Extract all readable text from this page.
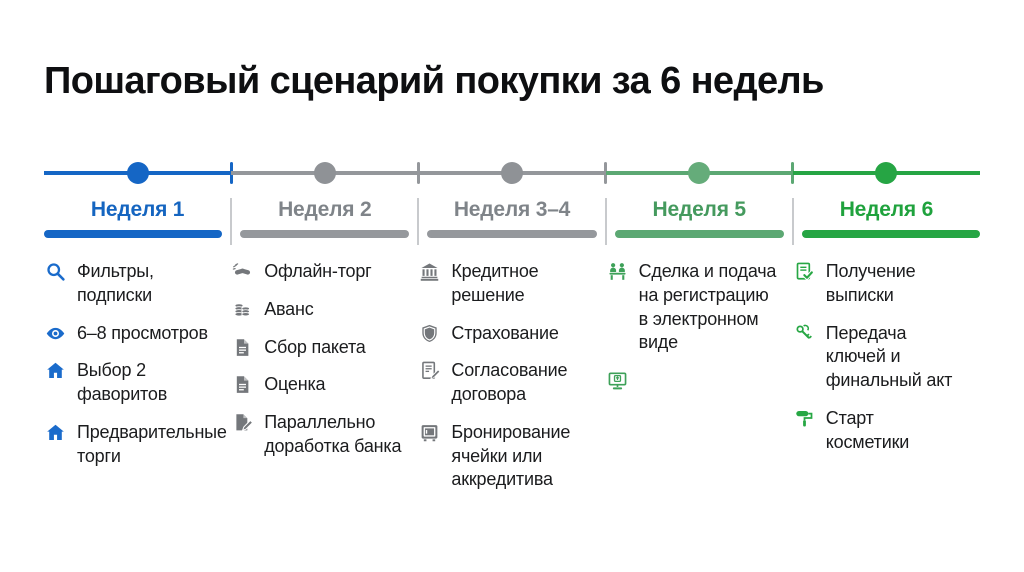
Пошаговый сценарий покупки за 6 недель
Неделя 1
Фильтры, подписки
6–8 просмотров
Выбор 2 фаворитов
Предварительные торги
Неделя 2
Офлайн-торг
Аванс
Сбор пакета
Оценка
Параллельно доработка банка
Неделя 3–4
Кредитное решение
Страхование
Согласование договора
Бронирование ячейки или аккредитива
Неделя 5
Сделка и подача на регистрацию в электронном виде
Неделя 6
Получение выписки
Передача ключей и финальный акт
Старт косметики
